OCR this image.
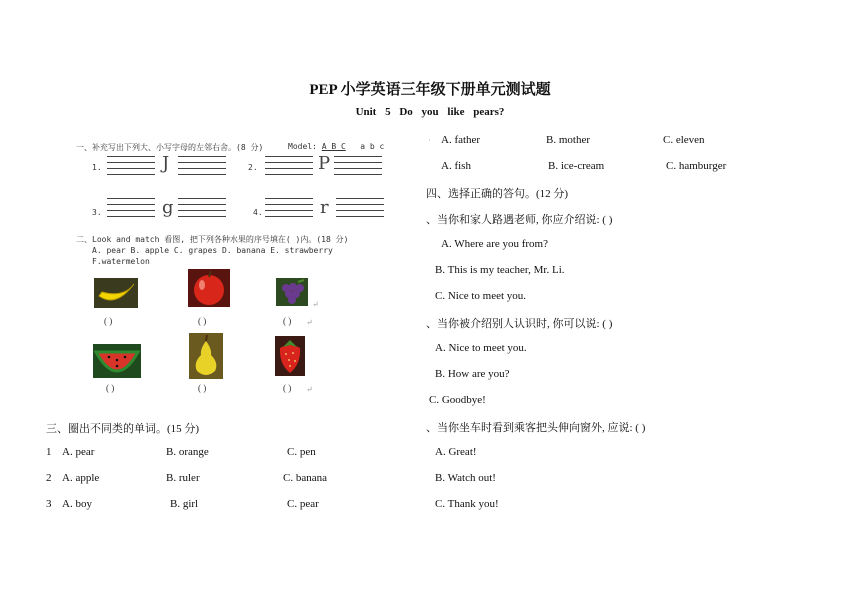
PEP 小学英语三年级下册单元测试题
Unit 5 Do you like pears?
一、补充写出下列大、小写字母的左邻右舍。(8 分)	Model: A B C a b c
1.	J	2.	P
3.	g	4.	r
二、Look and match 看图, 把下列各种水果的序号填在( )内。(18 分)
A. pear B. apple C. grapes D. banana E. strawberry
F.watermelon
↵
( )	( )	( ) ↵
( )	( )	( ) ↵
三、圈出不同类的单词。(15 分)
1 A. pear	B. orange	C. pen
2 A. apple	B. ruler	C. banana
3 A. boy	B. girl	C. pear
· A. father	B. mother	C. eleven
A. fish	B. ice-cream	C. hamburger
四、选择正确的答句。(12 分)
、当你和家人路遇老师, 你应介绍说: ( )
A. Where are you from?
B. This is my teacher, Mr. Li.
C. Nice to meet you.
、当你被介绍别人认识时, 你可以说: ( )
A. Nice to meet you.
B. How are you?
C. Goodbye!
、当你坐车时看到乘客把头伸向窗外, 应说: ( )
A. Great!
B. Watch out!
C. Thank you!
